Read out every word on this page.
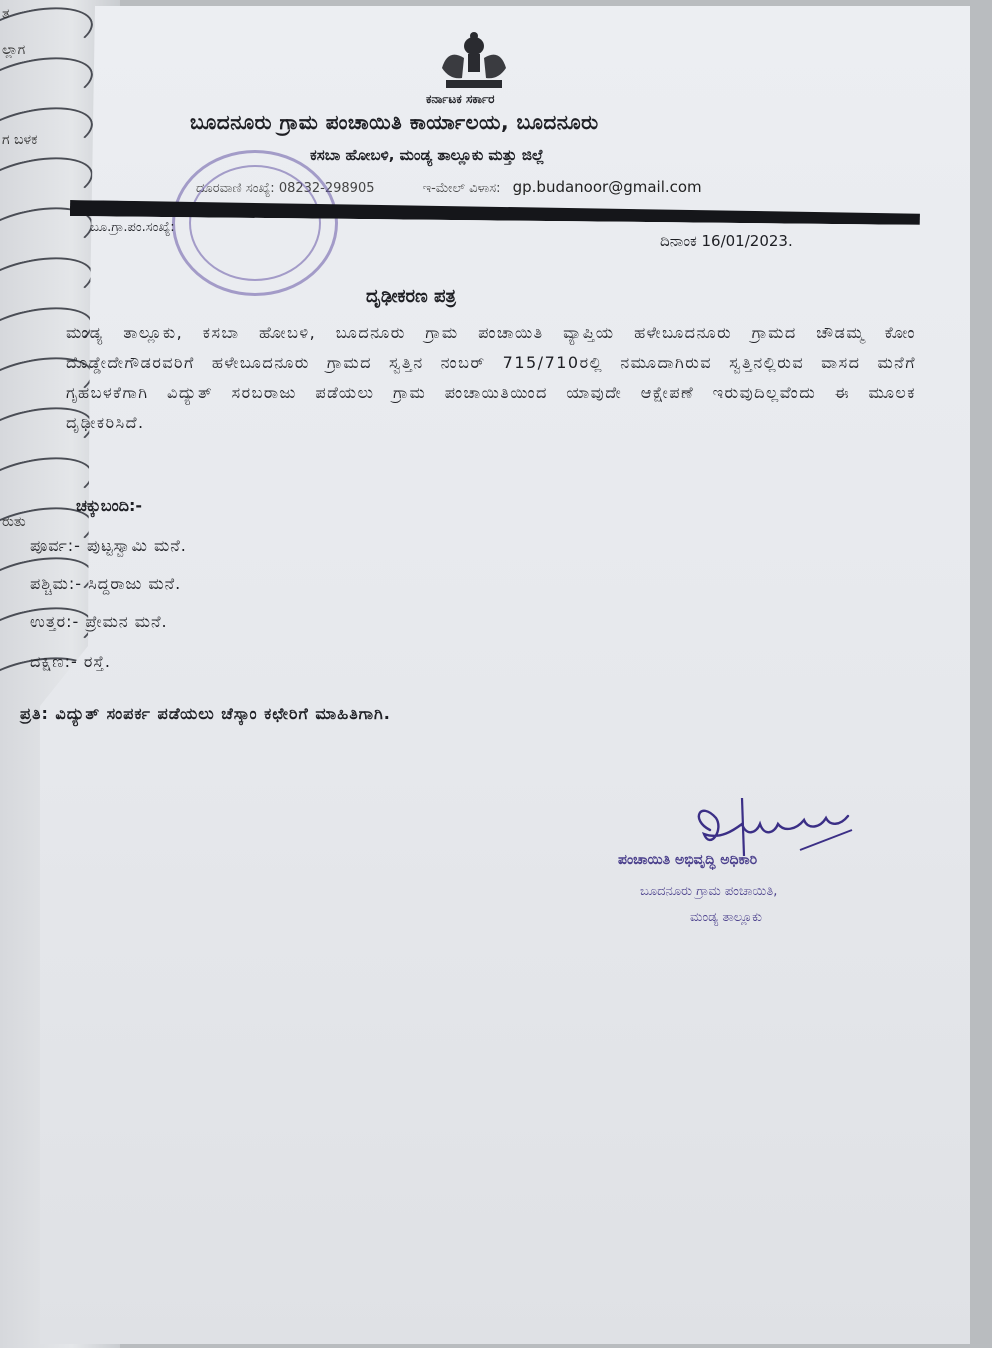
ತ
ಲ್ಲಾಗ
ಗ ಬಳಕ
ರುತು
ಕರ್ನಾಟಕ ಸರ್ಕಾರ
ಬೂದನೂರು ಗ್ರಾಮ ಪಂಚಾಯಿತಿ ಕಾರ್ಯಾಲಯ, ಬೂದನೂರು
ಕಸಬಾ ಹೋಬಳಿ, ಮಂಡ್ಯ ತಾಲ್ಲೂಕು ಮತ್ತು ಜಿಲ್ಲೆ
ದೂರವಾಣಿ ಸಂಖ್ಯೆ: 08232-298905	ಇ-ಮೇಲ್ ವಿಳಾಸ: gp.budanoor@gmail.com
ಬೂ.ಗ್ರಾ.ಪಂ.ಸಂಖ್ಯೆ:
ದಿನಾಂಕ 16/01/2023.
ದೃಢೀಕರಣ ಪತ್ರ
ಮಂಡ್ಯ ತಾಲ್ಲೂಕು, ಕಸಬಾ ಹೋಬಳಿ, ಬೂದನೂರು ಗ್ರಾಮ ಪಂಚಾಯಿತಿ ವ್ಯಾಪ್ತಿಯ ಹಳೇಬೂದನೂರು ಗ್ರಾಮದ ಚೌಡಮ್ಮ ಕೋಂ ದೊಡ್ಡೇದೇಗೌಡರವರಿಗೆ ಹಳೇಬೂದನೂರು ಗ್ರಾಮದ ಸ್ವತ್ತಿನ ನಂಬರ್ 715/710ರಲ್ಲಿ ನಮೂದಾಗಿರುವ ಸ್ವತ್ತಿನಲ್ಲಿರುವ ವಾಸದ ಮನೆಗೆ ಗೃಹಬಳಕೆಗಾಗಿ ವಿದ್ಯುತ್ ಸರಬರಾಜು ಪಡೆಯಲು ಗ್ರಾಮ ಪಂಚಾಯಿತಿಯಿಂದ ಯಾವುದೇ ಆಕ್ಷೇಪಣೆ ಇರುವುದಿಲ್ಲವೆಂದು ಈ ಮೂಲಕ ದೃಢೀಕರಿಸಿದೆ.
ಚಕ್ಕುಬಂದಿ:-
ಪೂರ್ವ:- ಪುಟ್ಟಸ್ವಾಮಿ ಮನೆ.
ಪಶ್ಚಿಮ:- ಸಿದ್ದರಾಜು ಮನೆ.
ಉತ್ತರ:- ಪ್ರೇಮನ ಮನೆ.
ದಕ್ಷಿಣ:- ರಸ್ತೆ.
ಪ್ರತಿ: ವಿದ್ಯುತ್ ಸಂಪರ್ಕ ಪಡೆಯಲು ಚೆಸ್ಕಾಂ ಕಛೇರಿಗೆ ಮಾಹಿತಿಗಾಗಿ.
ಪಂಚಾಯಿತಿ ಅಭಿವೃದ್ಧಿ ಅಧಿಕಾರಿ
ಬೂದನೂರು ಗ್ರಾಮ ಪಂಚಾಯಿತಿ,
ಮಂಡ್ಯ ತಾಲ್ಲೂಕು
